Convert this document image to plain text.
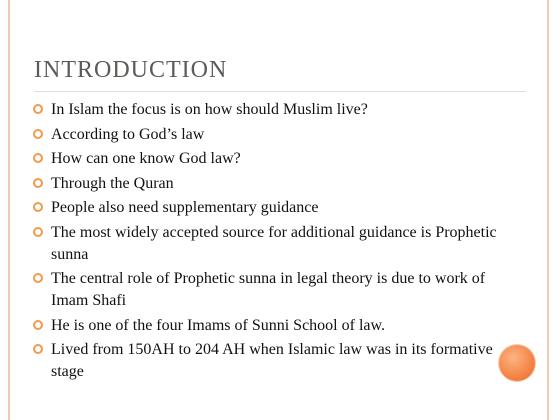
INTRODUCTION
In Islam the focus is on how should Muslim live?
According to God’s law
How can one know God law?
Through the Quran
People also need supplementary guidance
The most widely accepted source for additional guidance is Prophetic sunna
The central role of Prophetic sunna in legal theory is due to work of Imam Shafi
He is one of the four Imams of Sunni School of law.
Lived from 150AH to 204 AH when Islamic law was in its formative stage
